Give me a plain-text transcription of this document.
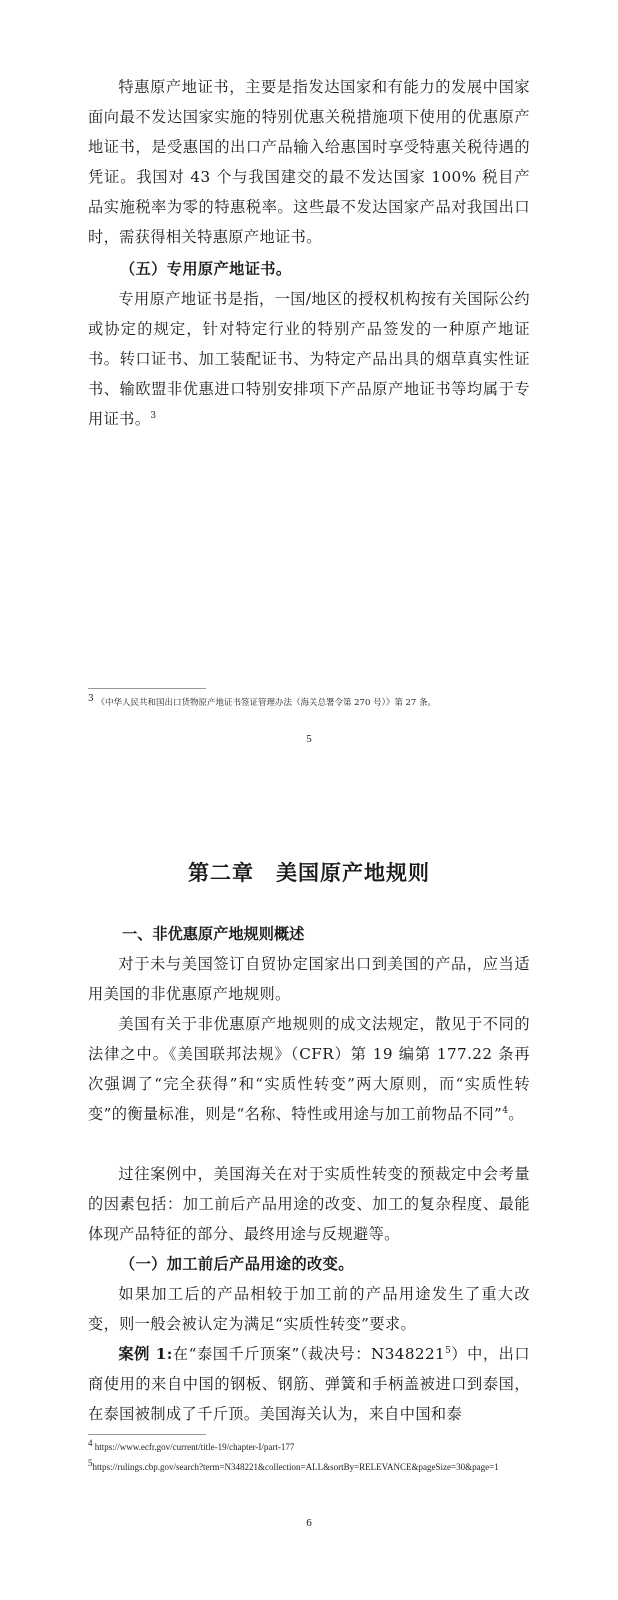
特惠原产地证书，主要是指发达国家和有能力的发展中国家面向最不发达国家实施的特别优惠关税措施项下使用的优惠原产地证书，是受惠国的出口产品输入给惠国时享受特惠关税待遇的凭证。我国对 43 个与我国建交的最不发达国家 100% 税目产品实施税率为零的特惠税率。这些最不发达国家产品对我国出口时，需获得相关特惠原产地证书。

（五）专用原产地证书。

专用原产地证书是指，一国/地区的授权机构按有关国际公约或协定的规定，针对特定行业的特别产品签发的一种原产地证书。转口证书、加工装配证书、为特定产品出具的烟草真实性证书、输欧盟非优惠进口特别安排项下产品原产地证书等均属于专用证书。$^3$

$^3$ 《中华人民共和国出口货物原产地证书签证管理办法（海关总署令第 270 号）》第 27 条。

5
第二章　美国原产地规则

一、非优惠原产地规则概述

对于未与美国签订自贸协定国家出口到美国的产品，应当适用美国的非优惠原产地规则。

美国有关于非优惠原产地规则的成文法规定，散见于不同的法律之中。《美国联邦法规》（CFR）第 19 编第 177.22 条再次强调了“完全获得”和“实质性转变”两大原则，而“实质性转变”的衡量标准，则是“名称、特性或用途与加工前物品不同”$^4$。

过往案例中，美国海关在对于实质性转变的预裁定中会考量的因素包括：加工前后产品用途的改变、加工的复杂程度、最能体现产品特征的部分、最终用途与反规避等。

（一）加工前后产品用途的改变。

如果加工后的产品相较于加工前的产品用途发生了重大改变，则一般会被认定为满足“实质性转变”要求。

案例 1:在“泰国千斤顶案”（裁决号：N348221$^5$）中，出口商使用的来自中国的钢板、钢筋、弹簧和手柄盖被进口到泰国，在泰国被制成了千斤顶。美国海关认为，来自中国和泰

$^4$ https://www.ecfr.gov/current/title-19/chapter-I/part-177

$^5$https://rulings.cbp.gov/search?term=N348221&collection=ALL&sortBy=RELEVANCE&pageSize=30&page=1

6
